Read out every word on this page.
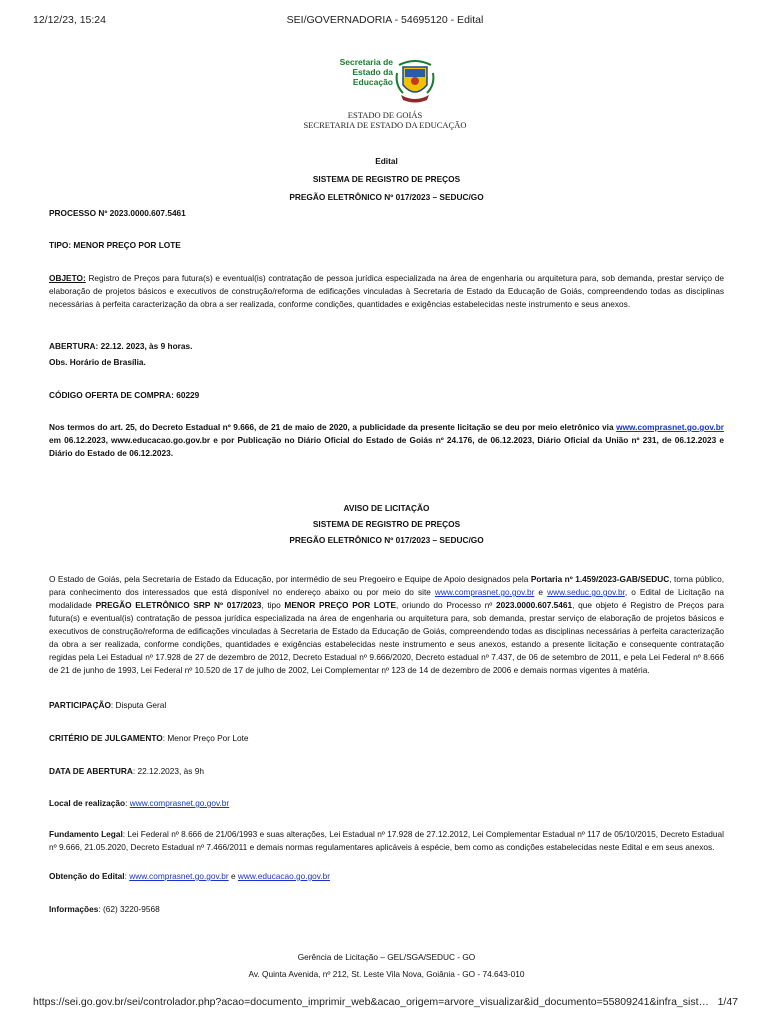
12/12/23, 15:24	SEI/GOVERNADORIA - 54695120 - Edital
Secretaria de
Estado da
Educação
ESTADO DE GOIÁS
SECRETARIA DE ESTADO DA EDUCAÇÃO
Edital
SISTEMA DE REGISTRO DE PREÇOS
PREGÃO ELETRÔNICO Nº 017/2023 – SEDUC/GO
PROCESSO Nº 2023.0000.607.5461
TIPO: MENOR PREÇO POR LOTE
OBJETO: Registro de Preços para futura(s) e eventual(is) contratação de pessoa jurídica especializada na área de engenharia ou arquitetura para, sob demanda, prestar serviço de elaboração de projetos básicos e executivos de construção/reforma de edificações vinculadas à Secretaria de Estado da Educação de Goiás, compreendendo todas as disciplinas necessárias à perfeita caracterização da obra a ser realizada, conforme condições, quantidades e exigências estabelecidas neste instrumento e seus anexos.
ABERTURA: 22.12. 2023, às 9 horas.
Obs. Horário de Brasília.
CÓDIGO OFERTA DE COMPRA: 60229
Nos termos do art. 25, do Decreto Estadual nº 9.666, de 21 de maio de 2020, a publicidade da presente licitação se deu por meio eletrônico via www.comprasnet.go.gov.br em 06.12.2023, www.educacao.go.gov.br e por Publicação no Diário Oficial do Estado de Goiás nº 24.176, de 06.12.2023, Diário Oficial da União nº 231, de 06.12.2023 e Diário do Estado de 06.12.2023.
AVISO DE LICITAÇÃO
SISTEMA DE REGISTRO DE PREÇOS
PREGÃO ELETRÔNICO Nº 017/2023 – SEDUC/GO
O Estado de Goiás, pela Secretaria de Estado da Educação, por intermédio de seu Pregoeiro e Equipe de Apoio designados pela Portaria nº 1.459/2023-GAB/SEDUC, torna público, para conhecimento dos interessados que está disponível no endereço abaixo ou por meio do site www.comprasnet.go.gov.br e www.seduc.go.gov.br, o Edital de Licitação na modalidade PREGÃO ELETRÔNICO SRP Nº 017/2023, tipo MENOR PREÇO POR LOTE, oriundo do Processo nº 2023.0000.607.5461, que objeto é Registro de Preços para futura(s) e eventual(is) contratação de pessoa jurídica especializada na área de engenharia ou arquitetura para, sob demanda, prestar serviço de elaboração de projetos básicos e executivos de construção/reforma de edificações vinculadas à Secretaria de Estado da Educação de Goiás, compreendendo todas as disciplinas necessárias à perfeita caracterização da obra a ser realizada, conforme condições, quantidades e exigências estabelecidas neste instrumento e seus anexos, estando a presente licitação e consequente contratação regidas pela Lei Estadual nº 17.928 de 27 de dezembro de 2012, Decreto Estadual nº 9.666/2020, Decreto estadual nº 7.437, de 06 de setembro de 2011, e pela Lei Federal nº 8.666 de 21 de junho de 1993, Lei Federal nº 10.520 de 17 de julho de 2002, Lei Complementar nº 123 de 14 de dezembro de 2006 e demais normas vigentes à matéria.
PARTICIPAÇÃO: Disputa Geral
CRITÉRIO DE JULGAMENTO: Menor Preço Por Lote
DATA DE ABERTURA: 22.12.2023, às 9h
Local de realização: www.comprasnet.go.gov.br
Fundamento Legal: Lei Federal nº 8.666 de 21/06/1993 e suas alterações, Lei Estadual nº 17.928 de 27.12.2012, Lei Complementar Estadual nº 117 de 05/10/2015, Decreto Estadual nº 9.666, 21.05.2020, Decreto Estadual nº 7.466/2011 e demais normas regulamentares aplicáveis à espécie, bem como as condições estabelecidas neste Edital e em seus anexos.
Obtenção do Edital: www.comprasnet.go.gov.br e www.educacao.go.gov.br
Informações: (62) 3220-9568
Gerência de Licitação – GEL/SGA/SEDUC - GO
Av. Quinta Avenida, nº 212, St. Leste Vila Nova, Goiânia - GO - 74.643-010
https://sei.go.gov.br/sei/controlador.php?acao=documento_imprimir_web&acao_origem=arvore_visualizar&id_documento=55809241&infra_sist… 1/47
